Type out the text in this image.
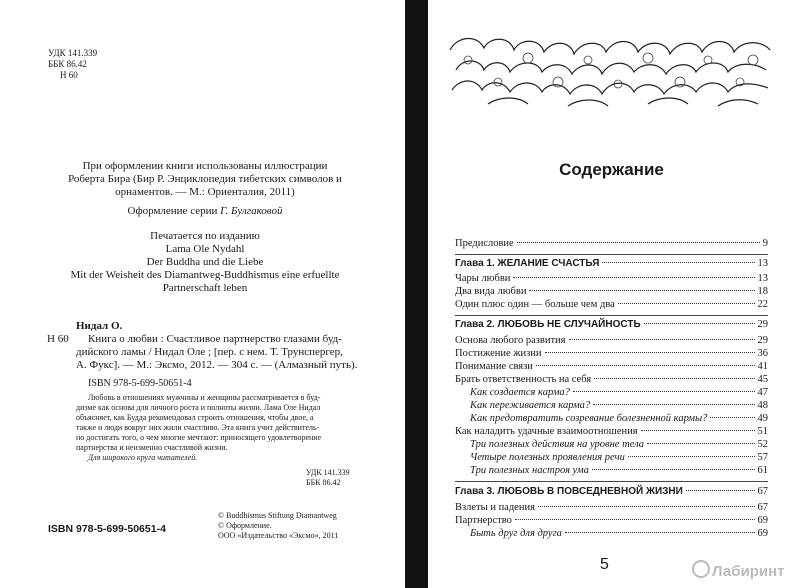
УДК 141.339
ББК 86.42
Н 60
При оформлении книги использованы иллюстрации
Роберта Бира (Бир Р. Энциклопедия тибетских символов и
орнаментов. — М.: Ориенталия, 2011)
Оформление серии Г. Булгаковой
Печатается по изданию
Lama Ole Nydahl
Der Buddha und die Liebe
Mit der Weisheit des Diamantweg-Buddhismus eine erfuellte
Partnerschaft leben
Нидал О.
Н 60	Книга о любви : Счастливое партнерство глазами буд-
дийского ламы / Нидал Оле ; [пер. с нем. Т. Трунспергер,
А. Фукс]. — М.: Эксмо, 2012. — 304 с. — (Алмазный путь).
ISBN 978-5-699-50651-4
Любовь в отношениях мужчины и женщины рассматривается в буд-
дизме как основа для личного роста и полноты жизни. Лама Оле Нидал
объясняет, как Будда рекомендовал строить отношения, чтобы двое, а
также и люди вокруг них жили счастливо. Эта книга учит действитель-
но достигать того, о чем многие мечтают: приносящего удовлетворение
партнерства и неизменно счастливой жизни.
Для широкого круга читателей.
УДК 141.339
ББК 86.42
ISBN 978-5-699-50651-4
© Buddhismus Stiftung Diamantweg
© Оформление.
ООО «Издательство «Эксмо», 2011
Содержание
Предисловие	9
Глава 1. ЖЕЛАНИЕ СЧАСТЬЯ	13
Чары любви	13
Два вида любви	18
Один плюс один — больше чем два	22
Глава 2. ЛЮБОВЬ НЕ СЛУЧАЙНОСТЬ	29
Основа любого развития	29
Постижение жизни	36
Понимание связи	41
Брать ответственность на себя	45
Как создается карма?	47
Как переживается карма?	48
Как предотвратить созревание болезненной кармы?	49
Как наладить удачные взаимоотношения	51
Три полезных действия на уровне тела	52
Четыре полезных проявления речи	57
Три полезных настроя ума	61
Глава 3. ЛЮБОВЬ В ПОВСЕДНЕВНОЙ ЖИЗНИ	67
Взлеты и падения	67
Партнерство	69
Быть друг для друга	69
5	Лабиринт
